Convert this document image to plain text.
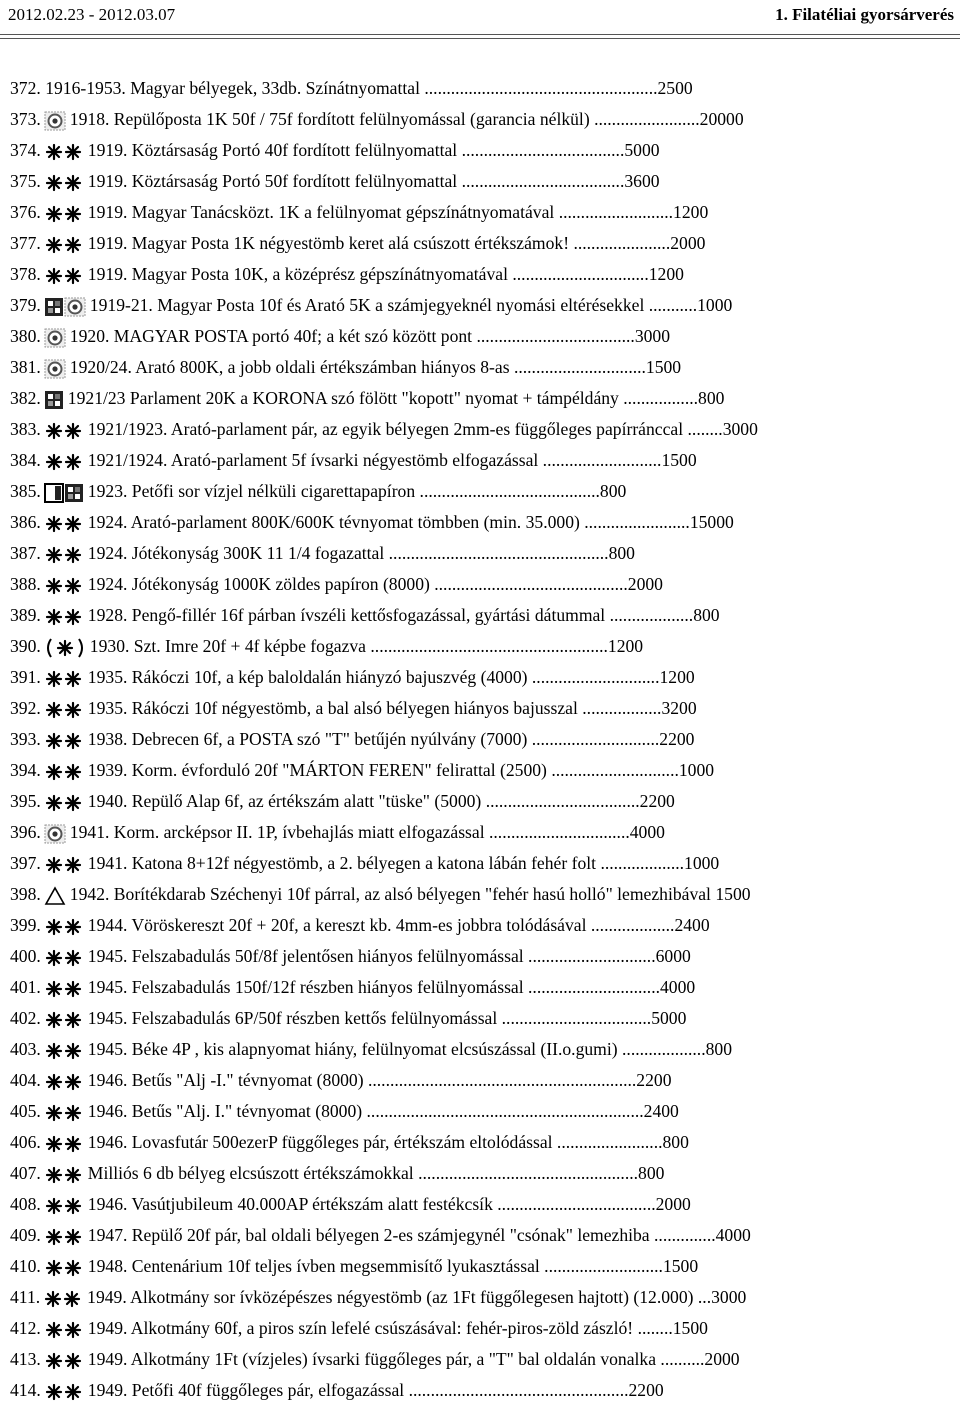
2012.02.23 - 2012.03.07	1. Filatéliai gyorsárverés
372. 1916-1953. Magyar bélyegek, 33db. Színátnyomattal .....................................................2500
373. 1918. Repülőposta 1K 50f / 75f fordított felülnyomással (garancia nélkül) ........................20000
374.	1919. Köztársaság Portó 40f fordított felülnyomattal .....................................5000
375.	1919. Köztársaság Portó 50f fordított felülnyomattal .....................................3600
376.	1919. Magyar Tanácsközt. 1K a felülnyomat gépszínátnyomatával ..........................1200
377.	1919. Magyar Posta 1K négyestömb keret alá csúszott értékszámok! ......................2000
378.	1919. Magyar Posta 10K, a középrész gépszínátnyomatával ...............................1200
379.	1919-21. Magyar Posta 10f és Arató 5K a számjegyeknél nyomási eltérésekkel ...........1000
380. 1920. MAGYAR POSTA portó 40f; a két szó között pont ....................................3000
381. 1920/24. Arató 800K, a jobb oldali értékszámban hiányos 8-as ..............................1500
382. 1921/23 Parlament 20K a KORONA szó fölött "kopott" nyomat + támpéldány .................800
383.	1921/1923. Arató-parlament pár, az egyik bélyegen 2mm-es függőleges papírránccal ........3000
384.	1921/1924. Arató-parlament 5f ívsarki négyestömb elfogazással ...........................1500
385.	1923. Petőfi sor vízjel nélküli cigarettapapíron .........................................800
386.	1924. Arató-parlament 800K/600K tévnyomat tömbben (min. 35.000) ........................15000
387.	1924. Jótékonyság 300K 11 1/4 fogazattal ..................................................800
388.	1924. Jótékonyság 1000K zöldes papíron (8000) ............................................2000
389.	1928. Pengő-fillér 16f párban ívszéli kettősfogazással, gyártási dátummal ...................800
390.	1930. Szt. Imre 20f + 4f képbe fogazva ......................................................1200
391.	1935. Rákóczi 10f, a kép baloldalán hiányzó bajuszvég (4000) .............................1200
392.	1935. Rákóczi 10f négyestömb, a bal alsó bélyegen hiányos bajusszal ..................3200
393.	1938. Debrecen 6f, a POSTA szó "T" betűjén nyúlvány (7000) .............................2200
394.	1939. Korm. évforduló 20f "MÁRTON FEREN" felirattal (2500) .............................1000
395.	1940. Repülő Alap 6f, az értékszám alatt "tüske" (5000) ...................................2200
396. 1941. Korm. arcképsor II. 1P, ívbehajlás miatt elfogazással ................................4000
397.	1941. Katona 8+12f négyestömb, a 2. bélyegen a katona lábán fehér folt ...................1000
398. 1942. Borítékdarab Széchenyi 10f párral, az alsó bélyegen "fehér hasú holló" lemezhibával 1500
399.	1944. Vöröskereszt 20f + 20f, a kereszt kb. 4mm-es jobbra tolódásával ...................2400
400.	1945. Felszabadulás 50f/8f jelentősen hiányos felülnyomással .............................6000
401.	1945. Felszabadulás 150f/12f részben hiányos felülnyomással ..............................4000
402.	1945. Felszabadulás 6P/50f részben kettős felülnyomással ..................................5000
403.	1945. Béke 4P , kis alapnyomat hiány, felülnyomat elcsúszással (II.o.gumi) ...................800
404.	1946. Betűs "Alj -I." tévnyomat (8000) .............................................................2200
405.	1946. Betűs "Alj. I." tévnyomat (8000) ...............................................................2400
406.	1946. Lovasfutár 500ezerP függőleges pár, értékszám eltolódással ........................800
407.	Milliós 6 db bélyeg elcsúszott értékszámokkal ..................................................800
408.	1946. Vasútjubileum 40.000AP értékszám alatt festékcsík ....................................2000
409.	1947. Repülő 20f pár, bal oldali bélyegen 2-es számjegynél "csónak" lemezhiba ..............4000
410.	1948. Centenárium 10f teljes ívben megsemmisítő lyukasztással ...........................1500
411.	1949. Alkotmány sor ívközépészes négyestömb (az 1Ft függőlegesen hajtott) (12.000) ...3000
412.	1949. Alkotmány 60f, a piros szín lefelé csúszásával: fehér-piros-zöld zászló! ........1500
413.	1949. Alkotmány 1Ft (vízjeles) ívsarki függőleges pár, a "T" bal oldalán vonalka ..........2000
414.	1949. Petőfi 40f függőleges pár, elfogazással ..................................................2200
